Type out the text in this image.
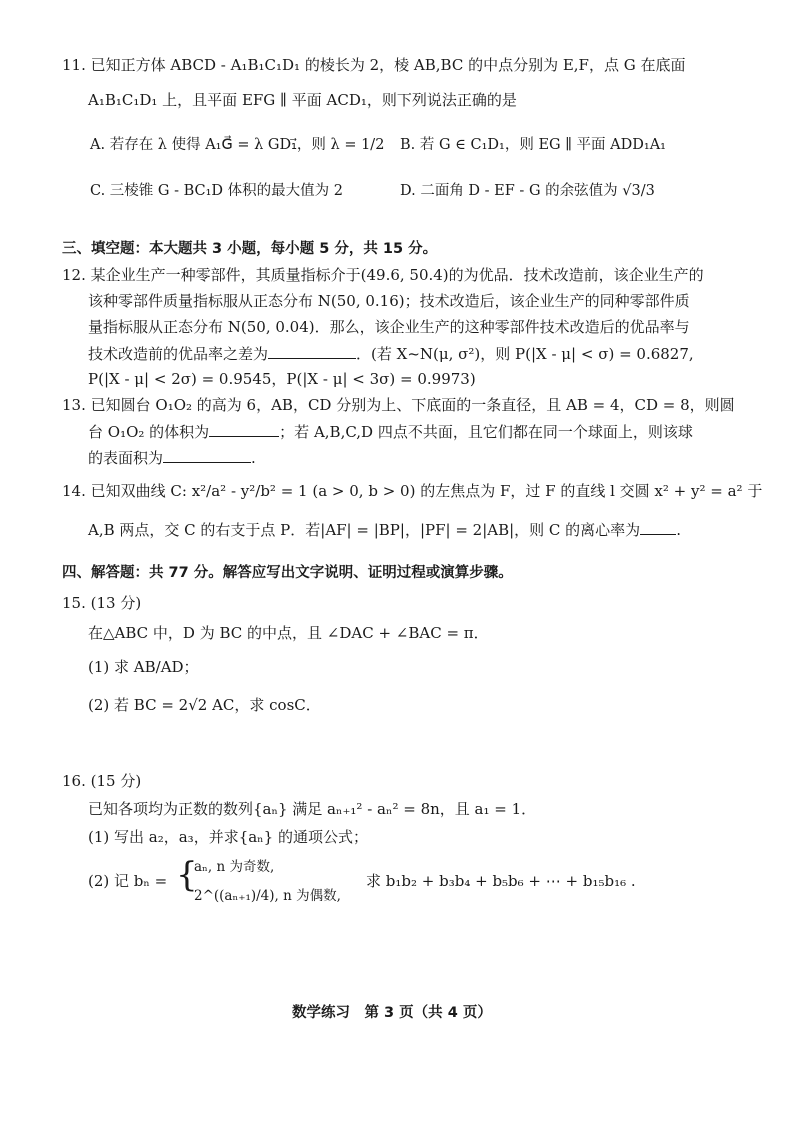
11. 已知正方体 ABCD - A₁B₁C₁D₁ 的棱长为 2，棱 AB,BC 的中点分别为 E,F，点 G 在底面
A₁B₁C₁D₁ 上，且平面 EFG ∥ 平面 ACD₁，则下列说法正确的是
A. 若存在 λ 使得 A₁G⃗ = λ GD₁⃗，则 λ = 1/2 B. 若 G ∈ C₁D₁，则 EG ∥ 平面 ADD₁A₁
C. 三棱锥 G - BC₁D 体积的最大值为 2	D. 二面角 D - EF - G 的余弦值为 √3/3
三、填空题：本大题共 3 小题，每小题 5 分，共 15 分。
12. 某企业生产一种零部件，其质量指标介于(49.6, 50.4)的为优品．技术改造前，该企业生产的
该种零部件质量指标服从正态分布 N(50, 0.16)；技术改造后，该企业生产的同种零部件质
量指标服从正态分布 N(50, 0.04)．那么，该企业生产的这种零部件技术改造后的优品率与
技术改造前的优品率之差为	．(若 X~N(μ, σ²)，则 P(|X - μ| < σ) = 0.6827,
P(|X - μ| < 2σ) = 0.9545，P(|X - μ| < 3σ) = 0.9973)
13. 已知圆台 O₁O₂ 的高为 6，AB，CD 分别为上、下底面的一条直径，且 AB = 4，CD = 8，则圆
台 O₁O₂ 的体积为	；若 A,B,C,D 四点不共面，且它们都在同一个球面上，则该球
的表面积为	.
14. 已知双曲线 C: x²/a² - y²/b² = 1 (a > 0, b > 0) 的左焦点为 F，过 F 的直线 l 交圆 x² + y² = a² 于
A,B 两点，交 C 的右支于点 P．若|AF| = |BP|，|PF| = 2|AB|，则 C 的离心率为 .
四、解答题：共 77 分。解答应写出文字说明、证明过程或演算步骤。
15. (13 分)
在△ABC 中，D 为 BC 的中点，且 ∠DAC + ∠BAC = π．
(1) 求 AB/AD；
(2) 若 BC = 2√2 AC，求 cosC．
16. (15 分)
已知各项均为正数的数列{aₙ} 满足 aₙ₊₁² - aₙ² = 8n，且 a₁ = 1．
(1) 写出 a₂，a₃，并求{aₙ} 的通项公式；
(2) 记 bₙ = {
aₙ, n 为奇数,
2^((aₙ₊₁)/4), n 为偶数,
求 b₁b₂ + b₃b₄ + b₅b₆ + ⋯ + b₁₅b₁₆ .
数学练习　第 3 页（共 4 页）
